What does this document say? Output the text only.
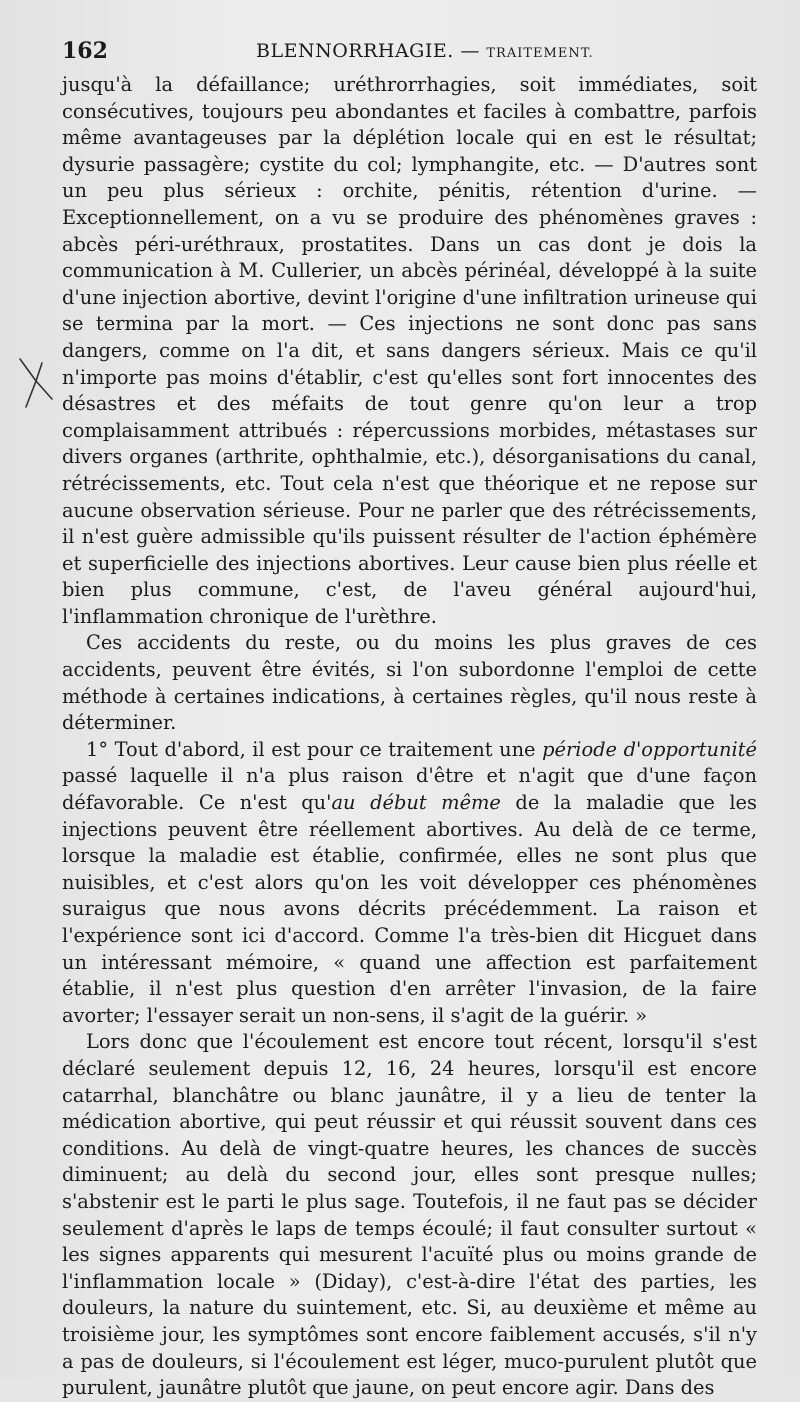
162	BLENNORRHAGIE. — TRAITEMENT.

jusqu'à la défaillance; uréthrorrhagies, soit immédiates, soit consécutives, toujours peu abondantes et faciles à combattre, parfois même avantageuses par la déplétion locale qui en est le résultat; dysurie passagère; cystite du col; lymphangite, etc. — D'autres sont un peu plus sérieux : orchite, pénitis, rétention d'urine. — Exceptionnellement, on a vu se produire des phénomènes graves : abcès péri-uréthraux, prostatites. Dans un cas dont je dois la communication à M. Cullerier, un abcès périnéal, développé à la suite d'une injection abortive, devint l'origine d'une infiltration urineuse qui se termina par la mort. — Ces injections ne sont donc pas sans dangers, comme on l'a dit, et sans dangers sérieux. Mais ce qu'il n'importe pas moins d'établir, c'est qu'elles sont fort innocentes des désastres et des méfaits de tout genre qu'on leur a trop complaisamment attribués : répercussions morbides, métastases sur divers organes (arthrite, ophthalmie, etc.), désorganisations du canal, rétrécissements, etc. Tout cela n'est que théorique et ne repose sur aucune observation sérieuse. Pour ne parler que des rétrécissements, il n'est guère admissible qu'ils puissent résulter de l'action éphémère et superficielle des injections abortives. Leur cause bien plus réelle et bien plus commune, c'est, de l'aveu général aujourd'hui, l'inflammation chronique de l'urèthre.

Ces accidents du reste, ou du moins les plus graves de ces accidents, peuvent être évités, si l'on subordonne l'emploi de cette méthode à certaines indications, à certaines règles, qu'il nous reste à déterminer.

1° Tout d'abord, il est pour ce traitement une période d'opportunité passé laquelle il n'a plus raison d'être et n'agit que d'une façon défavorable. Ce n'est qu'au début même de la maladie que les injections peuvent être réellement abortives. Au delà de ce terme, lorsque la maladie est établie, confirmée, elles ne sont plus que nuisibles, et c'est alors qu'on les voit développer ces phénomènes suraigus que nous avons décrits précédemment. La raison et l'expérience sont ici d'accord. Comme l'a très-bien dit Hicguet dans un intéressant mémoire, « quand une affection est parfaitement établie, il n'est plus question d'en arrêter l'invasion, de la faire avorter; l'essayer serait un non-sens, il s'agit de la guérir. »

Lors donc que l'écoulement est encore tout récent, lorsqu'il s'est déclaré seulement depuis 12, 16, 24 heures, lorsqu'il est encore catarrhal, blanchâtre ou blanc jaunâtre, il y a lieu de tenter la médication abortive, qui peut réussir et qui réussit souvent dans ces conditions. Au delà de vingt-quatre heures, les chances de succès diminuent; au delà du second jour, elles sont presque nulles; s'abstenir est le parti le plus sage. Toutefois, il ne faut pas se décider seulement d'après le laps de temps écoulé; il faut consulter surtout « les signes apparents qui mesurent l'acuïté plus ou moins grande de l'inflammation locale » (Diday), c'est-à-dire l'état des parties, les douleurs, la nature du suintement, etc. Si, au deuxième et même au troisième jour, les symptômes sont encore faiblement accusés, s'il n'y a pas de douleurs, si l'écoulement est léger, muco-purulent plutôt que purulent, jaunâtre plutôt que jaune, on peut encore agir. Dans des
